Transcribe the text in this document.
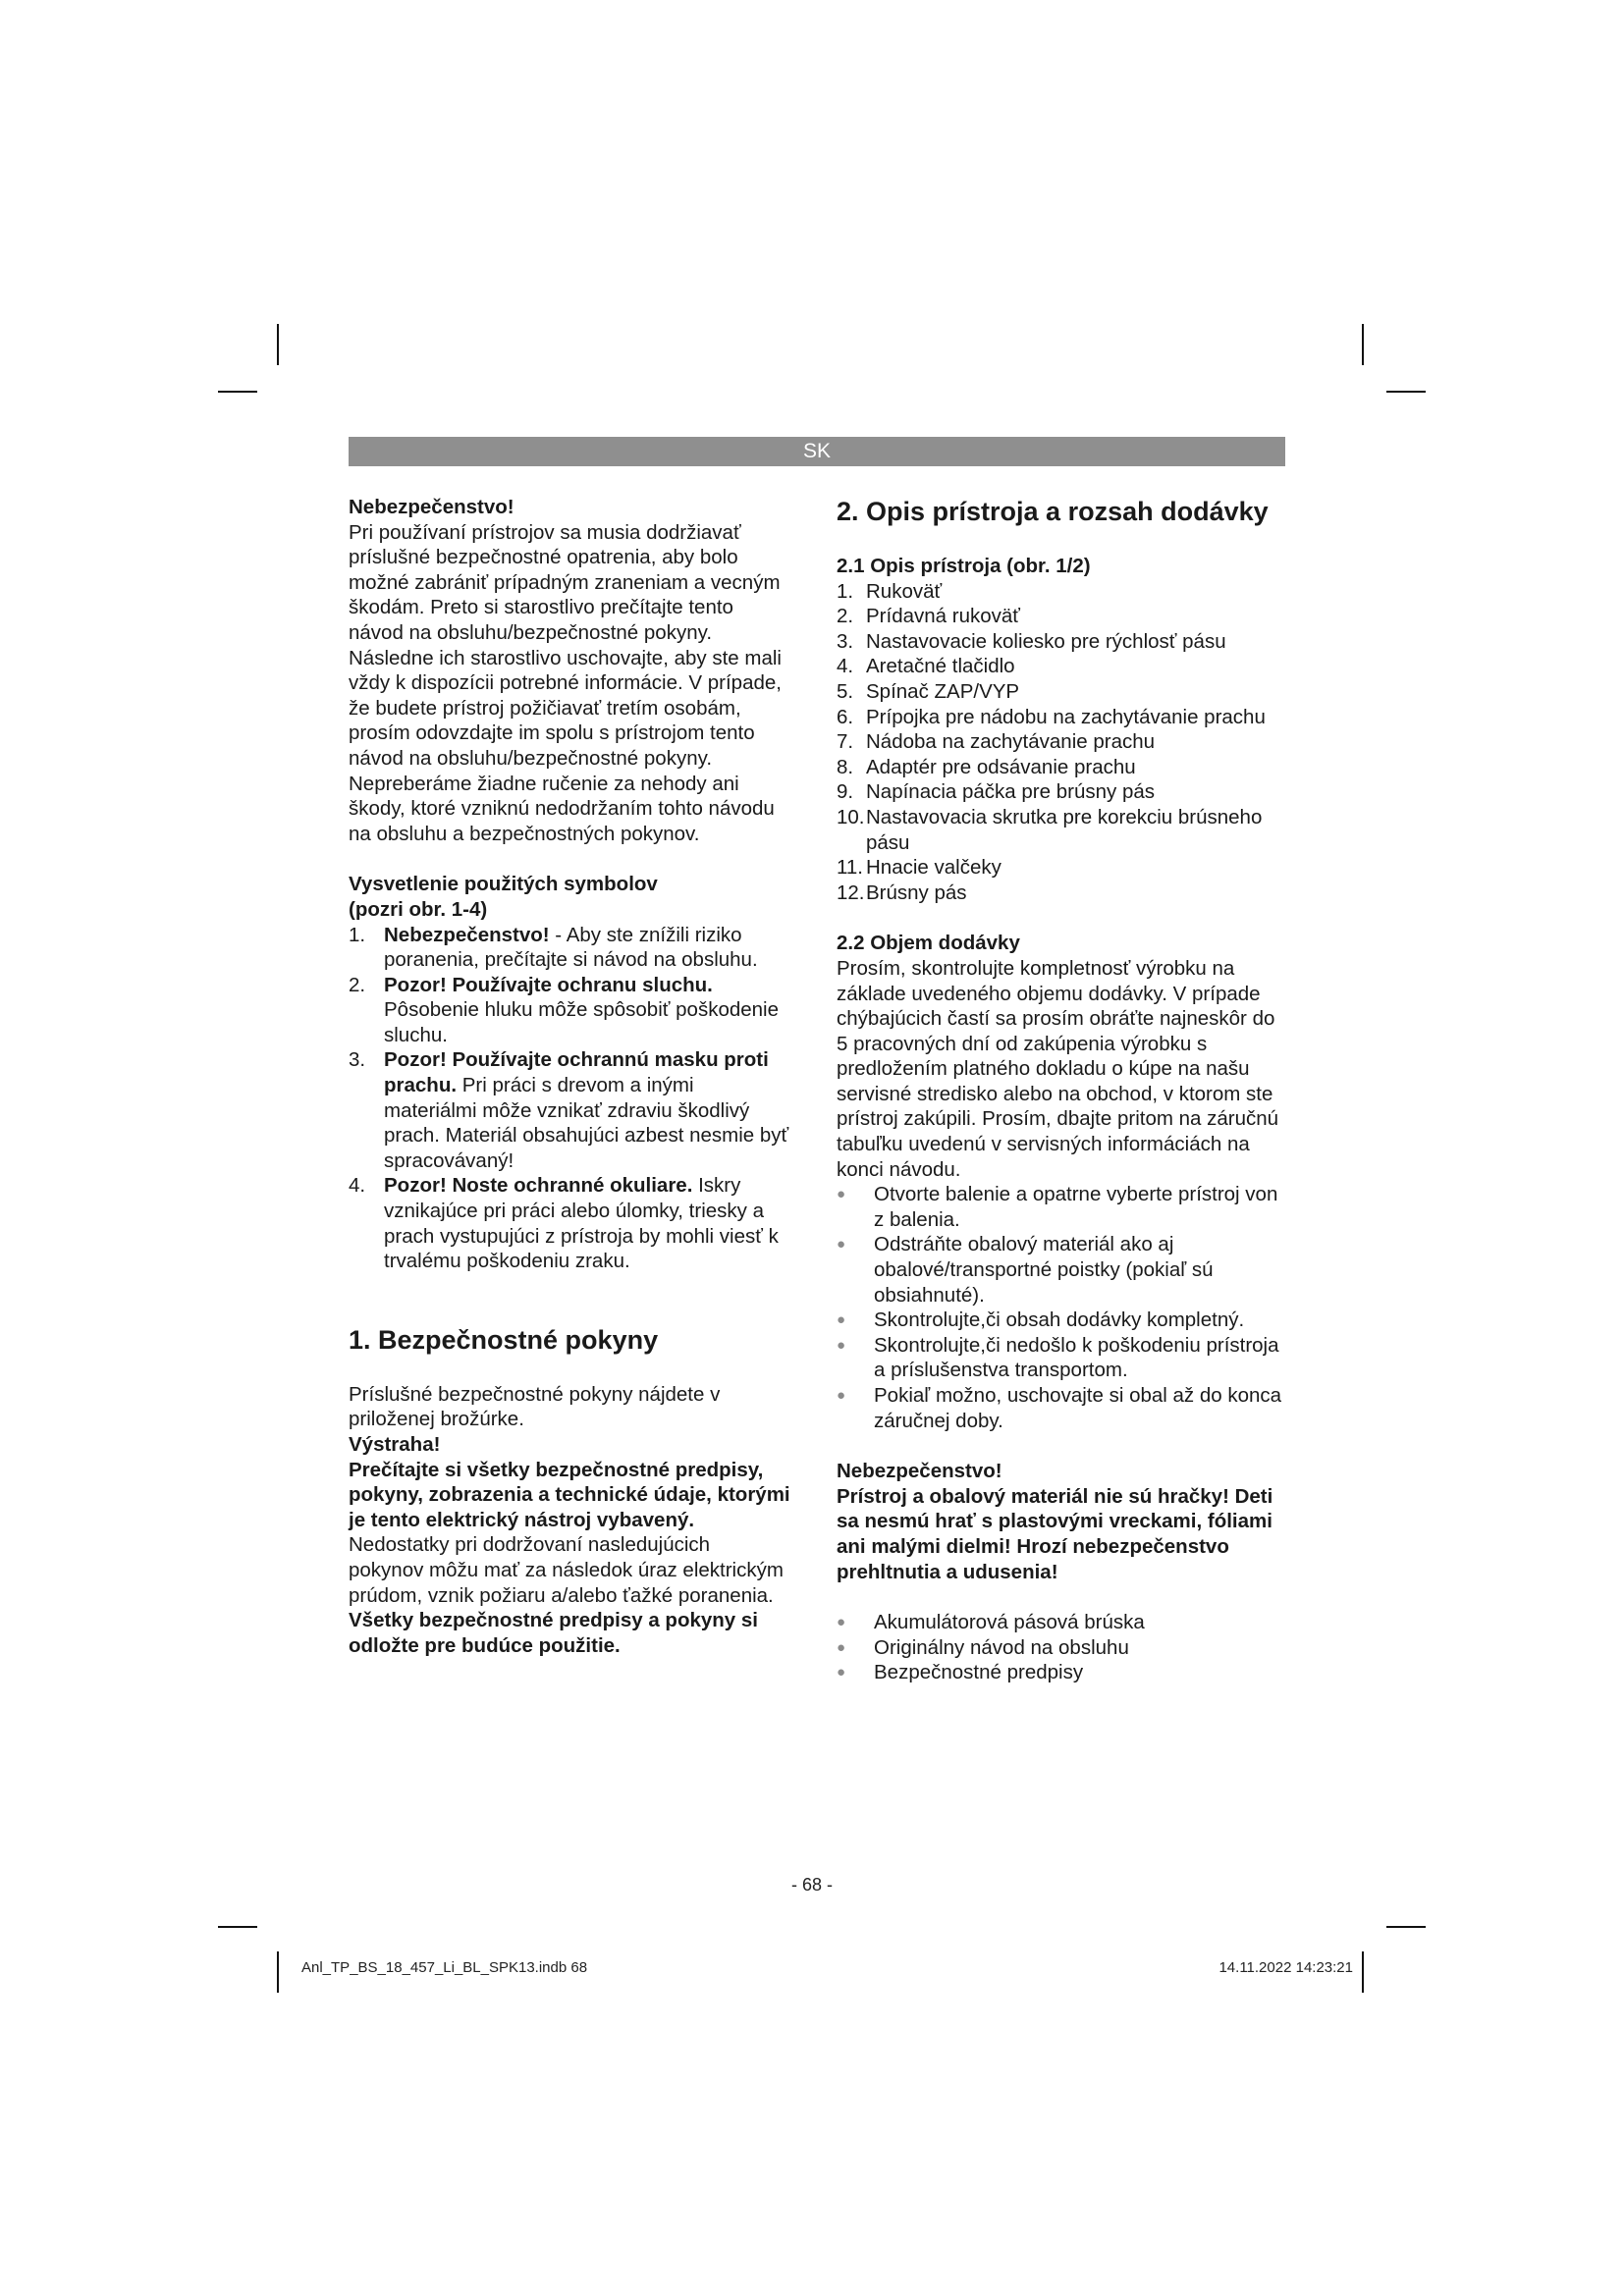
SK

Nebezpečenstvo!

Pri používaní prístrojov sa musia dodržiavať príslušné bezpečnostné opatrenia, aby bolo možné zabrániť prípadným zraneniam a vecným škodám. Preto si starostlivo prečítajte tento návod na obsluhu/bezpečnostné pokyny. Následne ich starostlivo uschovajte, aby ste mali vždy k dispozícii potrebné informácie. V prípade, že budete prístroj požičiavať tretím osobám, prosím odovzdajte im spolu s prístrojom tento návod na obsluhu/bezpečnostné pokyny. Nepreberáme žiadne ručenie za nehody ani škody, ktoré vzniknú nedodržaním tohto návodu na obsluhu a bezpečnostných pokynov.

Vysvetlenie použitých symbolov

(pozri obr. 1-4)

1. Nebezpečenstvo! - Aby ste znížili riziko poranenia, prečítajte si návod na obsluhu.
2. Pozor! Používajte ochranu sluchu. Pôsobenie hluku môže spôsobiť poškodenie sluchu.
3. Pozor! Používajte ochrannú masku proti prachu. Pri práci s drevom a inými materiálmi môže vznikať zdraviu škodlivý prach. Materiál obsahujúci azbest nesmie byť spracovávaný!
4. Pozor! Noste ochranné okuliare. Iskry vznikajúce pri práci alebo úlomky, triesky a prach vystupujúci z prístroja by mohli viesť k trvalému poškodeniu zraku.
1. Bezpečnostné pokyny

Príslušné bezpečnostné pokyny nájdete v priloženej brožúrke.

Výstraha!

Prečítajte si všetky bezpečnostné predpisy, pokyny, zobrazenia a technické údaje, ktorými je tento elektrický nástroj vybavený.

Nedostatky pri dodržovaní nasledujúcich pokynov môžu mať za následok úraz elektrickým prúdom, vznik požiaru a/alebo ťažké poranenia.

Všetky bezpečnostné predpisy a pokyny si odložte pre budúce použitie.

2. Opis prístroja a rozsah dodávky

2.1 Opis prístroja (obr. 1/2)

1. Rukoväť
2. Prídavná rukoväť
3. Nastavovacie koliesko pre rýchlosť pásu
4. Aretačné tlačidlo
5. Spínač ZAP/VYP
6. Prípojka pre nádobu na zachytávanie prachu
7. Nádoba na zachytávanie prachu
8. Adaptér pre odsávanie prachu
9. Napínacia páčka pre brúsny pás
10. Nastavovacia skrutka pre korekciu brúsneho pásu
11. Hnacie valčeky
12. Brúsny pás

2.2 Objem dodávky

Prosím, skontrolujte kompletnosť výrobku na základe uvedeného objemu dodávky. V prípade chýbajúcich častí sa prosím obráťte najneskôr do 5 pracovných dní od zakúpenia výrobku s predložením platného dokladu o kúpe na našu servisné stredisko alebo na obchod, v ktorom ste prístroj zakúpili. Prosím, dbajte pritom na záručnú tabuľku uvedenú v servisných informáciách na konci návodu.

● Otvorte balenie a opatrne vyberte prístroj von z balenia.
● Odstráňte obalový materiál ako aj obalové/transportné poistky (pokiaľ sú obsiahnuté).
● Skontrolujte,či obsah dodávky kompletný.
● Skontrolujte,či nedošlo k poškodeniu prístroja a príslušenstva transportom.
● Pokiaľ možno, uschovajte si obal až do konca záručnej doby.

Nebezpečenstvo!

Prístroj a obalový materiál nie sú hračky! Deti sa nesmú hrať s plastovými vreckami, fóliami ani malými dielmi! Hrozí nebezpečenstvo prehltnutia a udusenia!

● Akumulátorová pásová brúska
● Originálny návod na obsluhu
● Bezpečnostné predpisy
- 68 -
Anl_TP_BS_18_457_Li_BL_SPK13.indb 68	14.11.2022 14:23:21
